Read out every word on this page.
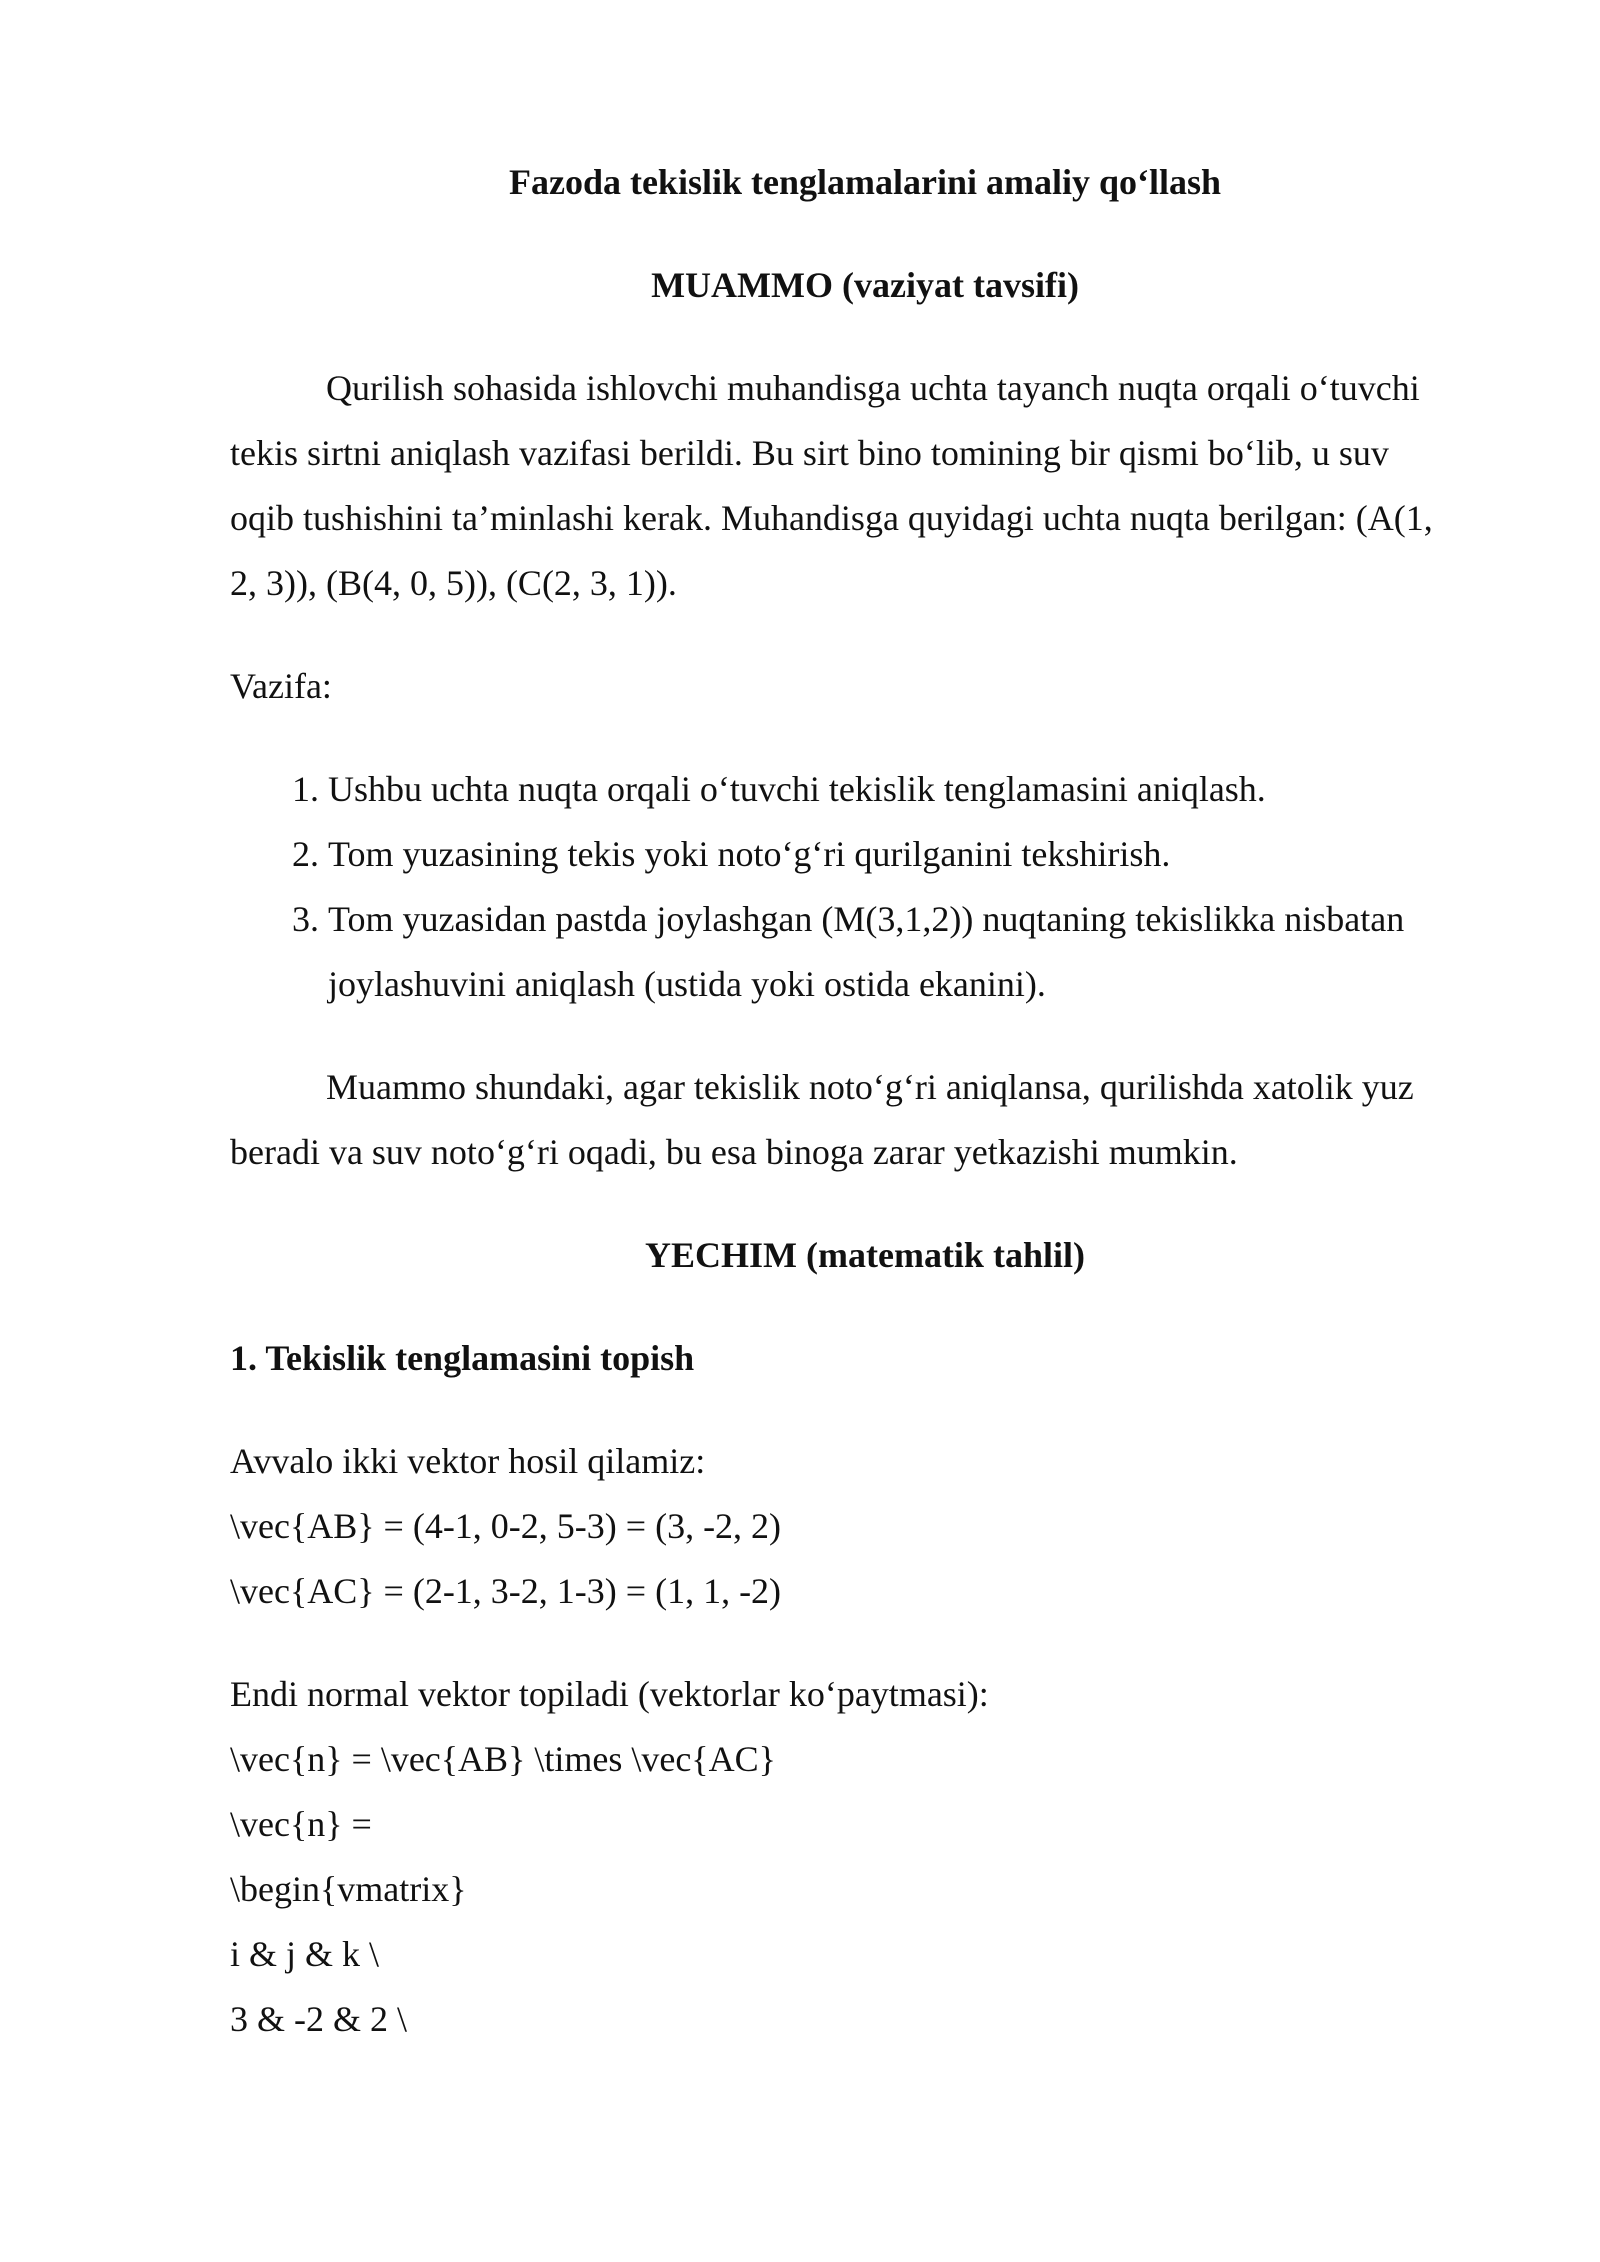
Fazoda tekislik tenglamalarini amaliy qo‘llash

MUAMMO (vaziyat tavsifi)

Qurilish sohasida ishlovchi muhandisga uchta tayanch nuqta orqali o‘tuvchi tekis sirtni aniqlash vazifasi berildi. Bu sirt bino tomining bir qismi bo‘lib, u suv oqib tushishini ta’minlashi kerak. Muhandisga quyidagi uchta nuqta berilgan: (A(1, 2, 3)), (B(4, 0, 5)), (C(2, 3, 1)).

Vazifa:

1. Ushbu uchta nuqta orqali o‘tuvchi tekislik tenglamasini aniqlash.
2. Tom yuzasining tekis yoki noto‘g‘ri qurilganini tekshirish.
3. Tom yuzasidan pastda joylashgan (M(3,1,2)) nuqtaning tekislikka nisbatan joylashuvini aniqlash (ustida yoki ostida ekanini).

Muammo shundaki, agar tekislik noto‘g‘ri aniqlansa, qurilishda xatolik yuz beradi va suv noto‘g‘ri oqadi, bu esa binoga zarar yetkazishi mumkin.

YECHIM (matematik tahlil)

1. Tekislik tenglamasini topish

Avvalo ikki vektor hosil qilamiz:
\vec{AB} = (4-1, 0-2, 5-3) = (3, -2, 2)
\vec{AC} = (2-1, 3-2, 1-3) = (1, 1, -2)
Endi normal vektor topiladi (vektorlar ko‘paytmasi):
\vec{n} = \vec{AB} \times \vec{AC}
\vec{n} =
\begin{vmatrix}
i & j & k \
3 & -2 & 2 \
